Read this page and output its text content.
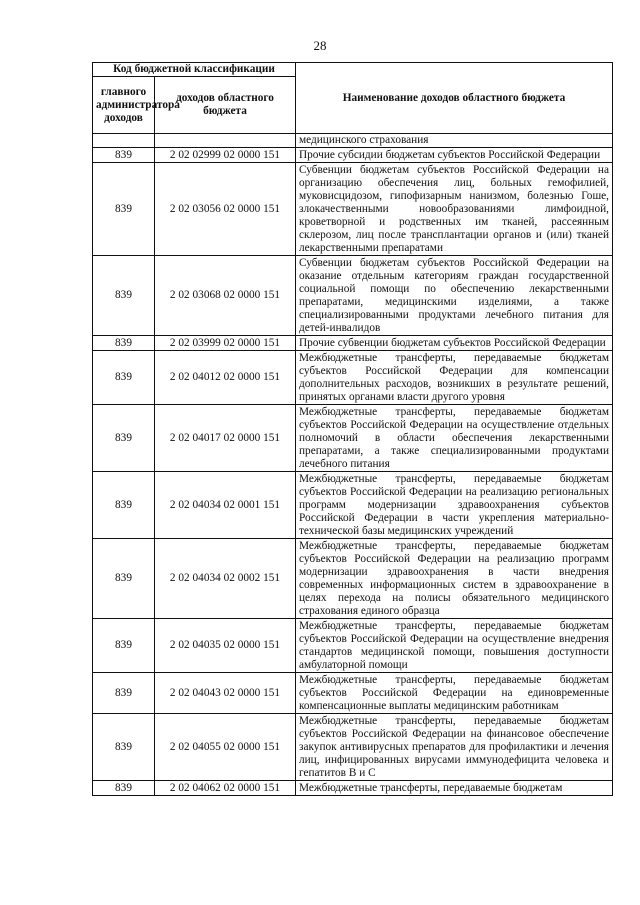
28
Код бюджетной классификации		Наименование доходов областного бюджета
главного администратора доходов	доходов областного бюджета	
		медицинского страхования
839	2 02 02999 02 0000 151	Прочие субсидии бюджетам субъектов Российской Федерации
839	2 02 03056 02 0000 151	Субвенции бюджетам субъектов Российской Федерации на организацию обеспечения лиц, больных гемофилией, муковисцидозом, гипофизарным нанизмом, болезнью Гоше, злокачественными новообразованиями лимфоидной, кроветворной и родственных им тканей, рассеянным склерозом, лиц после трансплантации органов и (или) тканей лекарственными препаратами
839	2 02 03068 02 0000 151	Субвенции бюджетам субъектов Российской Федерации на оказание отдельным категориям граждан государственной социальной помощи по обеспечению лекарственными препаратами, медицинскими изделиями, а также специализированными продуктами лечебного питания для детей-инвалидов
839	2 02 03999 02 0000 151	Прочие субвенции бюджетам субъектов Российской Федерации
839	2 02 04012 02 0000 151	Межбюджетные трансферты, передаваемые бюджетам субъектов Российской Федерации для компенсации дополнительных расходов, возникших в результате решений, принятых органами власти другого уровня
839	2 02 04017 02 0000 151	Межбюджетные трансферты, передаваемые бюджетам субъектов Российской Федерации на осуществление отдельных полномочий в области обеспечения лекарственными препаратами, а также специализированными продуктами лечебного питания
839	2 02 04034 02 0001 151	Межбюджетные трансферты, передаваемые бюджетам субъектов Российской Федерации на реализацию региональных программ модернизации здравоохранения субъектов Российской Федерации в части укрепления материально-технической базы медицинских учреждений
839	2 02 04034 02 0002 151	Межбюджетные трансферты, передаваемые бюджетам субъектов Российской Федерации на реализацию программ модернизации здравоохранения в части внедрения современных информационных систем в здравоохранение в целях перехода на полисы обязательного медицинского страхования единого образца
839	2 02 04035 02 0000 151	Межбюджетные трансферты, передаваемые бюджетам субъектов Российской Федерации на осуществление внедрения стандартов медицинской помощи, повышения доступности амбулаторной помощи
839	2 02 04043 02 0000 151	Межбюджетные трансферты, передаваемые бюджетам субъектов Российской Федерации на единовременные компенсационные выплаты медицинским работникам
839	2 02 04055 02 0000 151	Межбюджетные трансферты, передаваемые бюджетам субъектов Российской Федерации на финансовое обеспечение закупок антивирусных препаратов для профилактики и лечения лиц, инфицированных вирусами иммунодефицита человека и гепатитов B и C
839	2 02 04062 02 0000 151	Межбюджетные трансферты, передаваемые бюджетам
